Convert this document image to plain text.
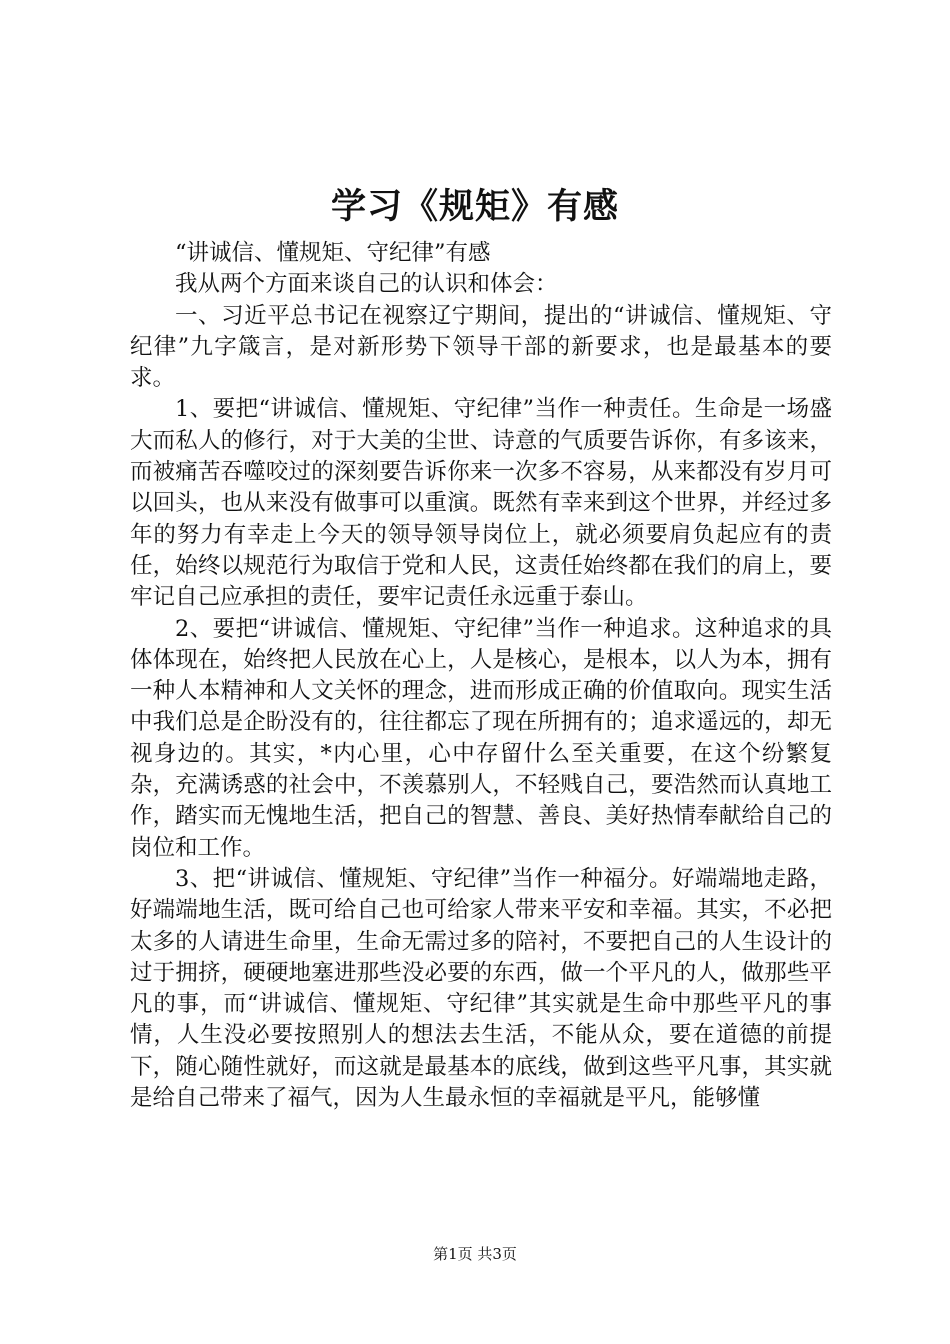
学习《规矩》有感

“讲诚信、懂规矩、守纪律”有感

我从两个方面来谈自己的认识和体会：

一、习近平总书记在视察辽宁期间，提出的“讲诚信、懂规矩、守纪律”九字箴言，是对新形势下领导干部的新要求，也是最基本的要求。

1、要把“讲诚信、懂规矩、守纪律”当作一种责任。生命是一场盛大而私人的修行，对于大美的尘世、诗意的气质要告诉你，有多该来，而被痛苦吞噬咬过的深刻要告诉你来一次多不容易，从来都没有岁月可以回头，也从来没有做事可以重演。既然有幸来到这个世界，并经过多年的努力有幸走上今天的领导领导岗位上，就必须要肩负起应有的责任，始终以规范行为取信于党和人民，这责任始终都在我们的肩上，要牢记自己应承担的责任，要牢记责任永远重于泰山。

2、要把“讲诚信、懂规矩、守纪律”当作一种追求。这种追求的具体体现在，始终把人民放在心上，人是核心，是根本，以人为本，拥有一种人本精神和人文关怀的理念，进而形成正确的价值取向。现实生活中我们总是企盼没有的，往往都忘了现在所拥有的；追求遥远的，却无视身边的。其实，*内心里，心中存留什么至关重要，在这个纷繁复杂，充满诱惑的社会中，不羡慕别人，不轻贱自己，要浩然而认真地工作，踏实而无愧地生活，把自己的智慧、善良、美好热情奉献给自己的岗位和工作。

3、把“讲诚信、懂规矩、守纪律”当作一种福分。好端端地走路，好端端地生活，既可给自己也可给家人带来平安和幸福。其实，不必把太多的人请进生命里，生命无需过多的陪衬，不要把自己的人生设计的过于拥挤，硬硬地塞进那些没必要的东西，做一个平凡的人，做那些平凡的事，而“讲诚信、懂规矩、守纪律”其实就是生命中那些平凡的事情，人生没必要按照别人的想法去生活，不能从众，要在道德的前提下，随心随性就好，而这就是最基本的底线，做到这些平凡事，其实就是给自己带来了福气，因为人生最永恒的幸福就是平凡，能够懂

第1页 共3页
